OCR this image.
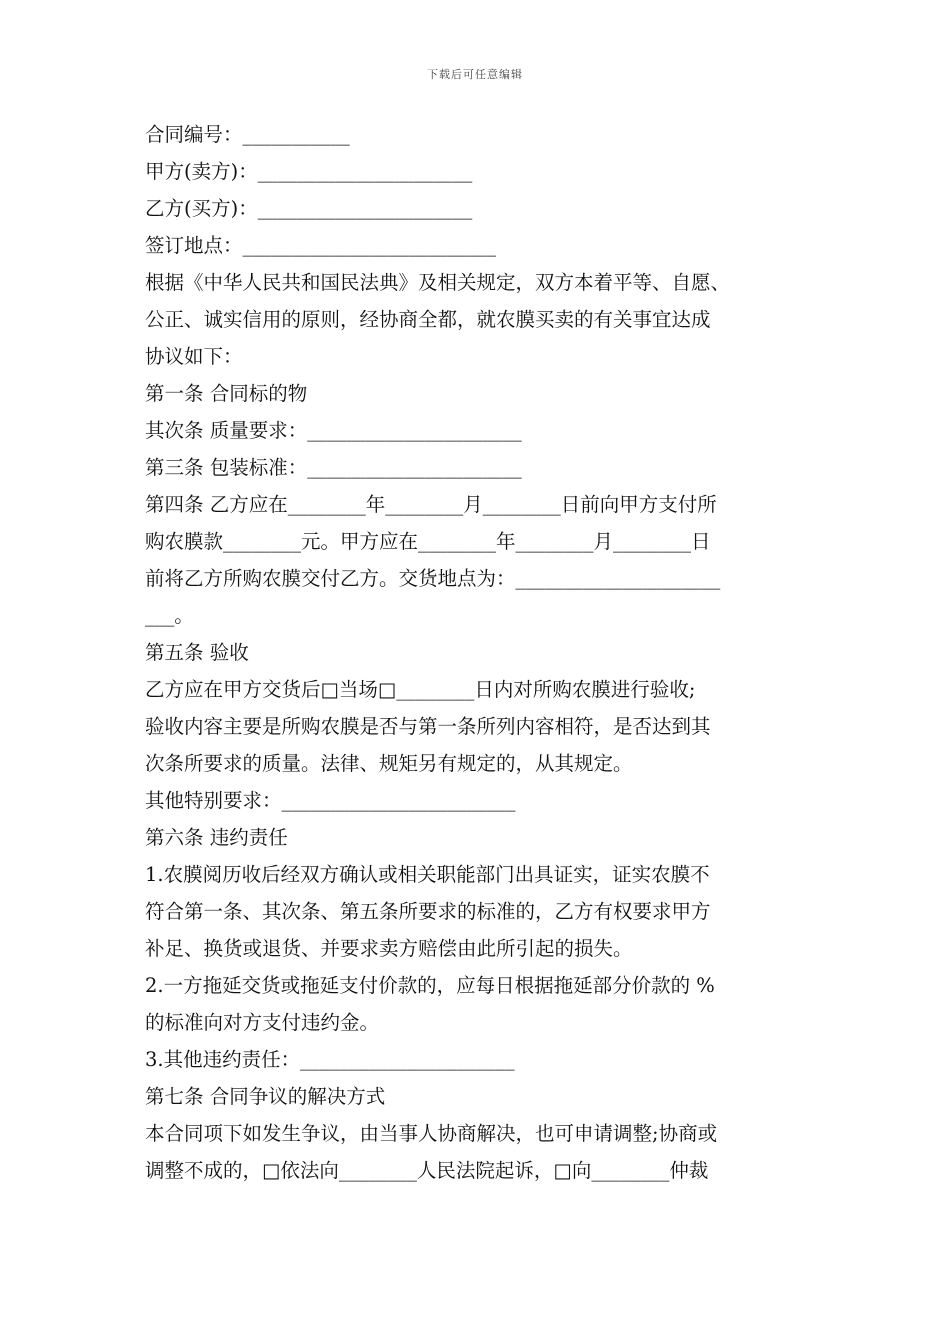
下载后可任意编辑
合同编号：___________
甲方(卖方)：______________________
乙方(买方)：______________________
签订地点：__________________________
根据《中华人民共和国民法典》及相关规定，双方本着平等、自愿、
公正、诚实信用的原则，经协商全都，就农膜买卖的有关事宜达成
协议如下：
第一条 合同标的物
其次条 质量要求：______________________
第三条 包装标准：______________________
第四条 乙方应在________年________月________日前向甲方支付所
购农膜款________元。甲方应在________年________月________日
前将乙方所购农膜交付乙方。交货地点为：_____________________
___。
第五条 验收
乙方应在甲方交货后□当场□________日内对所购农膜进行验收;
验收内容主要是所购农膜是否与第一条所列内容相符，是否达到其
次条所要求的质量。法律、规矩另有规定的，从其规定。
其他特别要求：________________________
第六条 违约责任
1.农膜阅历收后经双方确认或相关职能部门出具证实，证实农膜不
符合第一条、其次条、第五条所要求的标准的，乙方有权要求甲方
补足、换货或退货、并要求卖方赔偿由此所引起的损失。
2.一方拖延交货或拖延支付价款的，应每日根据拖延部分价款的 %
的标准向对方支付违约金。
3.其他违约责任：______________________
第七条 合同争议的解决方式
本合同项下如发生争议，由当事人协商解决，也可申请调整;协商或
调整不成的，□依法向________人民法院起诉，□向________仲裁
